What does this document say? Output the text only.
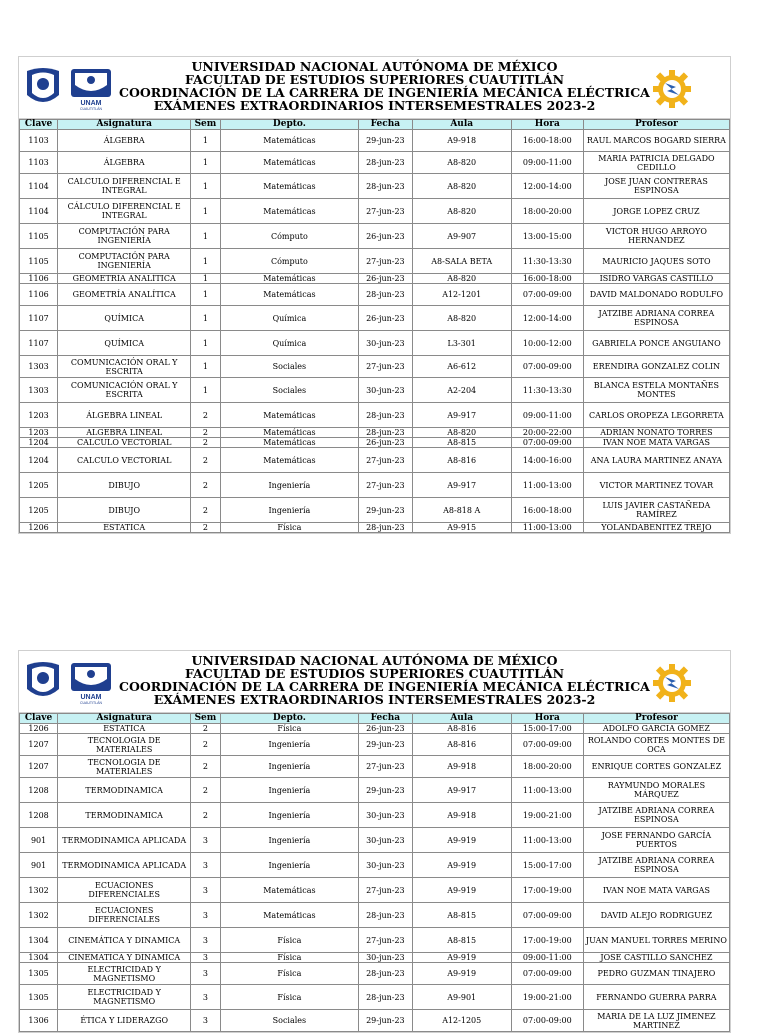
UNAM
CUAUTITLÁN
UNIVERSIDAD NACIONAL AUTÓNOMA DE MÉXICO
FACULTAD DE ESTUDIOS SUPERIORES CUAUTITLÁN
COORDINACIÓN DE LA CARRERA DE INGENIERÍA MECÁNICA ELÉCTRICA
EXÁMENES EXTRAORDINARIOS INTERSEMESTRALES 2023-2
Clave	Asignatura	Sem	Depto.	Fecha	Aula	Hora	Profesor
1103	ÁLGEBRA	1	Matemáticas	29-jun-23	A9-918	16:00-18:00	RAUL MARCOS BOGARD SIERRA
1103	ÁLGEBRA	1	Matemáticas	28-jun-23	A8-820	09:00-11:00	MARIA PATRICIA DELGADO CEDILLO
1104	CALCULO DIFERENCIAL E INTEGRAL	1	Matemáticas	28-jun-23	A8-820	12:00-14:00	JOSE JUAN CONTRERAS ESPINOSA
1104	CÁLCULO DIFERENCIAL E INTEGRAL	1	Matemáticas	27-jun-23	A8-820	18:00-20:00	JORGE LOPEZ CRUZ
1105	COMPUTACIÓN PARA INGENIERÍA	1	Cómputo	26-jun-23	A9-907	13:00-15:00	VICTOR HUGO ARROYO HERNANDEZ
1105	COMPUTACIÓN PARA INGENIERÍA	1	Cómputo	27-jun-23	A8-SALA BETA	11:30-13:30	MAURICIO JAQUES SOTO
1106	GEOMETRÍA ANALÍTICA	1	Matemáticas	26-jun-23	A8-820	16:00-18:00	ISIDRO VARGAS CASTILLO
1106	GEOMETRÍA ANALÍTICA	1	Matemáticas	28-jun-23	A12-1201	07:00-09:00	DAVID MALDONADO RODULFO
1107	QUÍMICA	1	Química	26-jun-23	A8-820	12:00-14:00	JATZIBE ADRIANA CORREA ESPINOSA
1107	QUÍMICA	1	Química	30-jun-23	L3-301	10:00-12:00	GABRIELA PONCE ANGUIANO
1303	COMUNICACIÓN ORAL Y ESCRITA	1	Sociales	27-jun-23	A6-612	07:00-09:00	ERENDIRA GONZALEZ COLIN
1303	COMUNICACIÓN ORAL Y ESCRITA	1	Sociales	30-jun-23	A2-204	11:30-13:30	BLANCA ESTELA MONTAÑES MONTES
1203	ÁLGEBRA LINEAL	2	Matemáticas	28-jun-23	A9-917	09:00-11:00	CARLOS OROPEZA LEGORRETA
1203	ALGEBRA LINEAL	2	Matemáticas	28-jun-23	A8-820	20:00-22:00	ADRIAN NONATO TORRES
1204	CALCULO VECTORIAL	2	Matemáticas	26-jun-23	A8-815	07:00-09:00	IVAN NOE MATA VARGAS
1204	CALCULO VECTORIAL	2	Matemáticas	27-jun-23	A8-816	14:00-16:00	ANA LAURA MARTINEZ ANAYA
1205	DIBUJO	2	Ingeniería	27-jun-23	A9-917	11:00-13:00	VICTOR MARTINEZ TOVAR
1205	DIBUJO	2	Ingeniería	29-jun-23	A8-818 A	16:00-18:00	LUIS JAVIER CASTAÑEDA RAMÍREZ
1206	ESTATICA	2	Física	28-jun-23	A9-915	11:00-13:00	YOLANDABENITEZ TREJO
UNAM
CUAUTITLÁN
UNIVERSIDAD NACIONAL AUTÓNOMA DE MÉXICO
FACULTAD DE ESTUDIOS SUPERIORES CUAUTITLÁN
COORDINACIÓN DE LA CARRERA DE INGENIERÍA MECÁNICA ELÉCTRICA
EXÁMENES EXTRAORDINARIOS INTERSEMESTRALES 2023-2
Clave	Asignatura	Sem	Depto.	Fecha	Aula	Hora	Profesor
1206	ESTATICA	2	Física	26-jun-23	A8-816	15:00-17:00	ADOLFO GARCIA GOMEZ
1207	TECNOLOGIA DE MATERIALES	2	Ingeniería	29-jun-23	A8-816	07:00-09:00	ROLANDO CORTES MONTES DE OCA
1207	TECNOLOGIA DE MATERIALES	2	Ingeniería	27-jun-23	A9-918	18:00-20:00	ENRIQUE CORTES GONZALEZ
1208	TERMODINAMICA	2	Ingeniería	29-jun-23	A9-917	11:00-13:00	RAYMUNDO MORALES MÁRQUEZ
1208	TERMODINAMICA	2	Ingeniería	30-jun-23	A9-918	19:00-21:00	JATZIBE ADRIANA CORREA ESPINOSA
901	TERMODINAMICA APLICADA	3	Ingeniería	30-jun-23	A9-919	11:00-13:00	JOSE FERNANDO GARCÍA PUERTOS
901	TERMODINAMICA APLICADA	3	Ingeniería	30-jun-23	A9-919	15:00-17:00	JATZIBE ADRIANA CORREA ESPINOSA
1302	ECUACIONES DIFERENCIALES	3	Matemáticas	27-jun-23	A9-919	17:00-19:00	IVAN NOE MATA VARGAS
1302	ECUACIONES DIFERENCIALES	3	Matemáticas	28-jun-23	A8-815	07:00-09:00	DAVID ALEJO RODRIGUEZ
1304	CINEMÁTICA Y DINAMICA	3	Física	27-jun-23	A8-815	17:00-19:00	JUAN MANUEL TORRES MERINO
1304	CINEMATICA Y DINAMICA	3	Física	30-jun-23	A9-919	09:00-11:00	JOSE CASTILLO SANCHEZ
1305	ELECTRICIDAD Y MAGNETISMO	3	Física	28-jun-23	A9-919	07:00-09:00	PEDRO GUZMAN TINAJERO
1305	ELECTRICIDAD Y MAGNETISMO	3	Física	28-jun-23	A9-901	19:00-21:00	FERNANDO GUERRA PARRA
1306	ÉTICA Y LIDERAZGO	3	Sociales	29-jun-23	A12-1205	07:00-09:00	MARIA DE LA LUZ JIMENEZ MARTINEZ
